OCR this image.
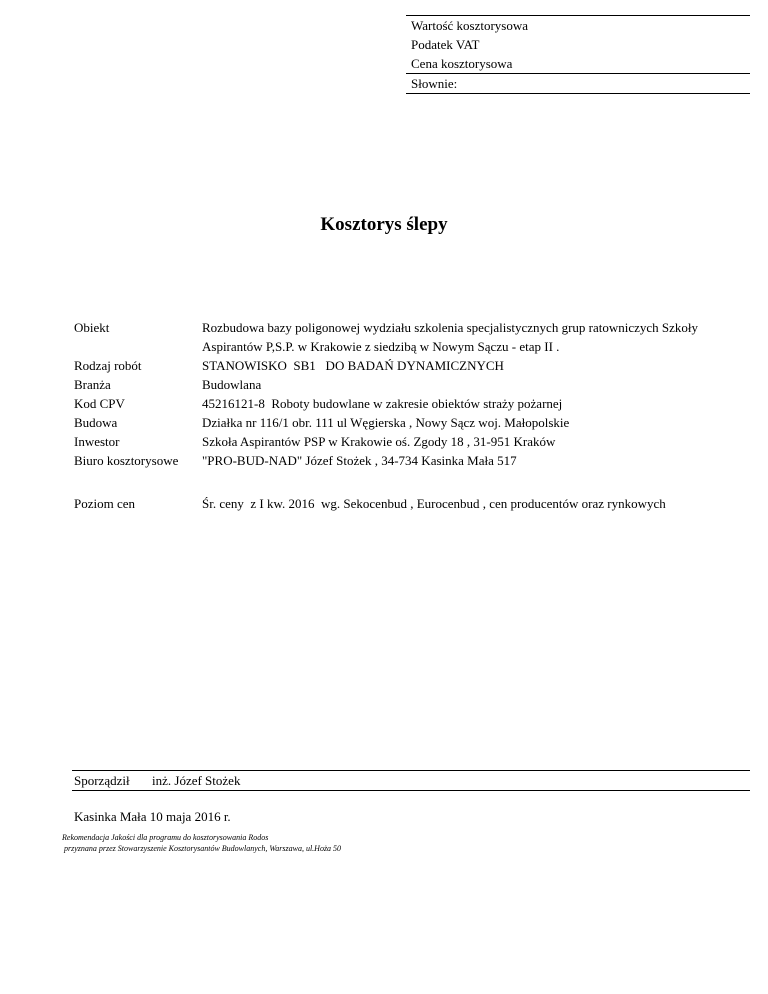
Wartość kosztorysowa
Podatek VAT
Cena kosztorysowa
Słownie:
Kosztorys ślepy
Obiekt	Rozbudowa bazy poligonowej wydziału szkolenia specjalistycznych grup ratowniczych Szkoły Aspirantów P,S.P. w Krakowie z siedzibą w Nowym Sączu - etap II .
Rodzaj robót	STANOWISKO  SB1   DO BADAŃ DYNAMICZNYCH
Branża	Budowlana
Kod CPV	45216121-8  Roboty budowlane w zakresie obiektów straży pożarnej
Budowa	Działka nr 116/1 obr. 111 ul Węgierska , Nowy Sącz woj. Małopolskie
Inwestor	Szkoła Aspirantów PSP w Krakowie oś. Zgody 18 , 31-951 Kraków
Biuro kosztorysowe	"PRO-BUD-NAD" Józef Stożek , 34-734 Kasinka Mała 517
Poziom cen	Śr. ceny  z I kw. 2016  wg. Sekocenbud , Eurocenbud , cen producentów oraz rynkowych
Sporządził	inż. Józef Stożek
Kasinka Mała 10 maja 2016 r.
Rekomendacja Jakości dla programu do kosztorysowania Rodos
przyznana przez Stowarzyszenie Kosztorysantów Budowlanych, Warszawa, ul.Hoża 50
